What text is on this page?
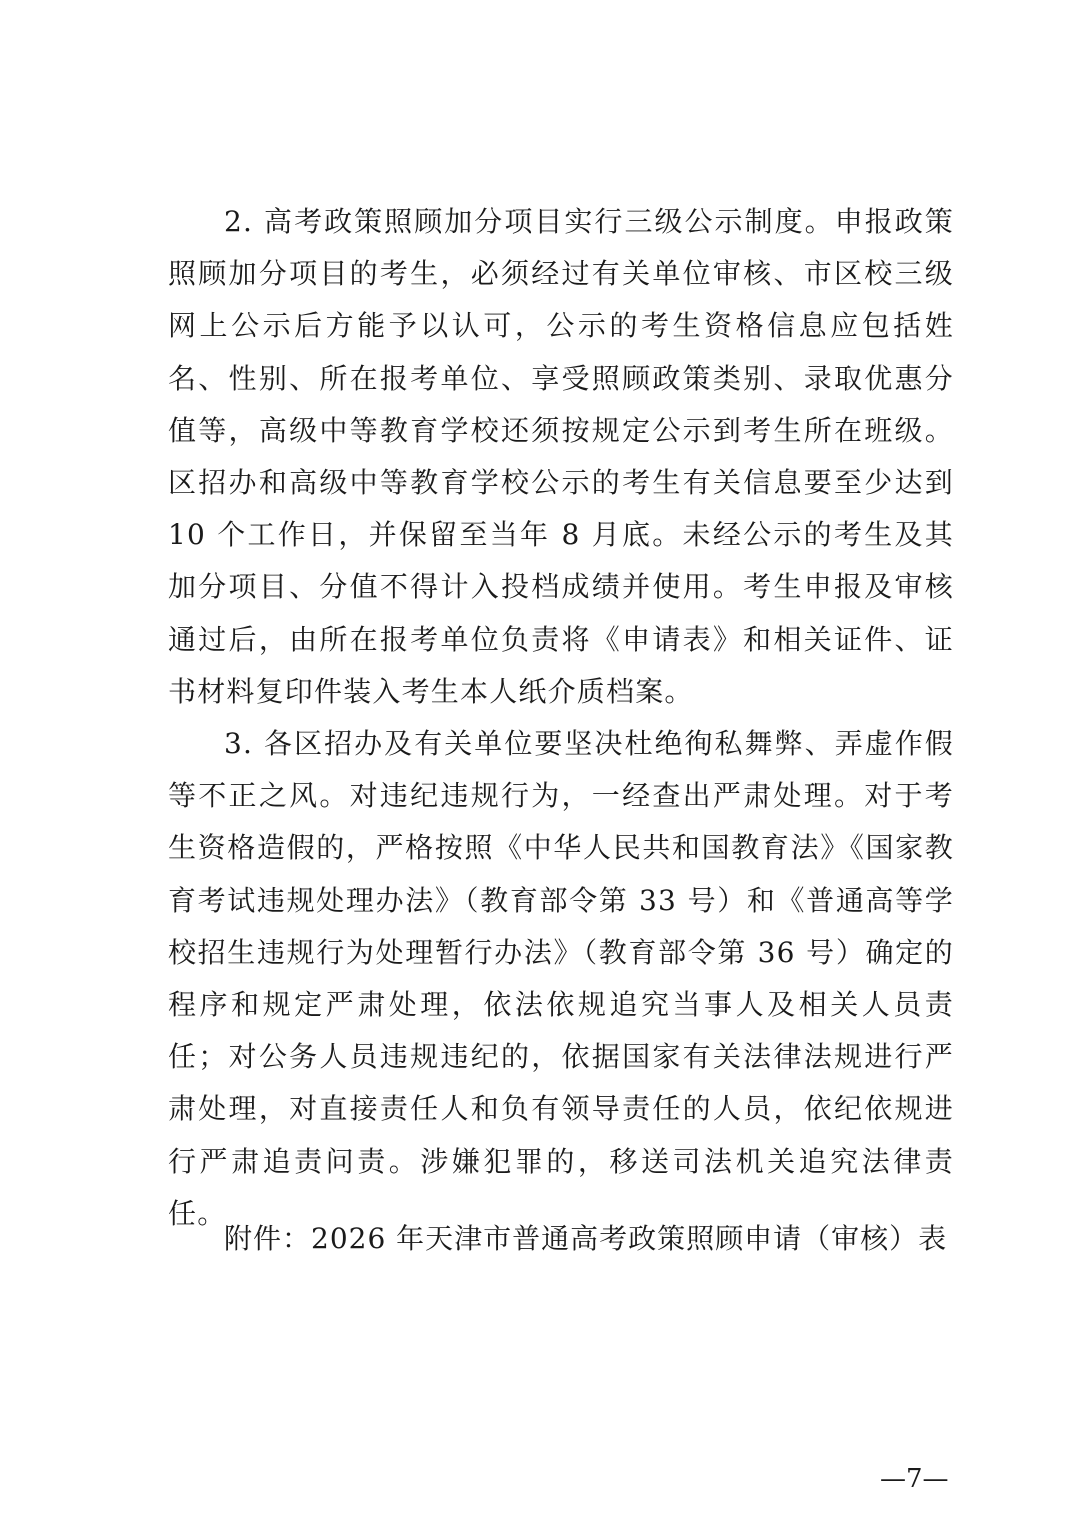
2. 高考政策照顾加分项目实行三级公示制度。申报政策照顾加分项目的考生，必须经过有关单位审核、市区校三级网上公示后方能予以认可，公示的考生资格信息应包括姓名、性别、所在报考单位、享受照顾政策类别、录取优惠分值等，高级中等教育学校还须按规定公示到考生所在班级。区招办和高级中等教育学校公示的考生有关信息要至少达到 10 个工作日，并保留至当年 8 月底。未经公示的考生及其加分项目、分值不得计入投档成绩并使用。考生申报及审核通过后，由所在报考单位负责将《申请表》和相关证件、证书材料复印件装入考生本人纸介质档案。

3. 各区招办及有关单位要坚决杜绝徇私舞弊、弄虚作假等不正之风。对违纪违规行为，一经查出严肃处理。对于考生资格造假的，严格按照《中华人民共和国教育法》《国家教育考试违规处理办法》（教育部令第 33 号）和《普通高等学校招生违规行为处理暂行办法》（教育部令第 36 号）确定的程序和规定严肃处理，依法依规追究当事人及相关人员责任；对公务人员违规违纪的，依据国家有关法律法规进行严肃处理，对直接责任人和负有领导责任的人员，依纪依规进行严肃追责问责。涉嫌犯罪的，移送司法机关追究法律责任。

附件：2026 年天津市普通高考政策照顾申请（审核）表

—7—
